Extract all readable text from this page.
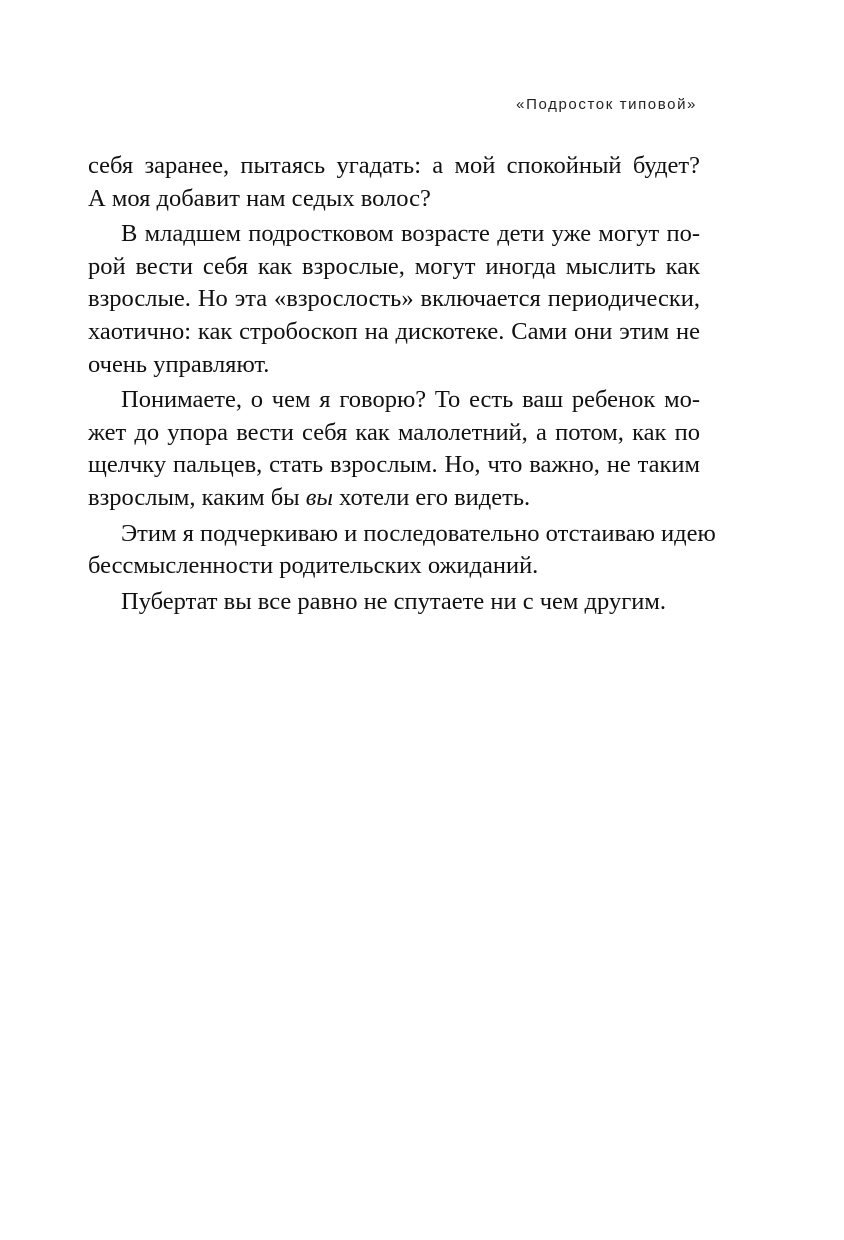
«Подросток типовой»
себя заранее, пытаясь угадать: а мой спокойный будет?
А моя добавит нам седых волос?
В младшем подростковом возрасте дети уже могут по-
рой вести себя как взрослые, могут иногда мыслить как
взрослые. Но эта «взрослость» включается периодически,
хаотично: как стробоскоп на дискотеке. Сами они этим не
очень управляют.
Понимаете, о чем я говорю? То есть ваш ребенок мо-
жет до упора вести себя как малолетний, а потом, как по
щелчку пальцев, стать взрослым. Но, что важно, не таким
взрослым, каким бы вы хотели его видеть.
Этим я подчеркиваю и последовательно отстаиваю идею
бессмысленности родительских ожиданий.
Пубертат вы все равно не спутаете ни с чем другим.
